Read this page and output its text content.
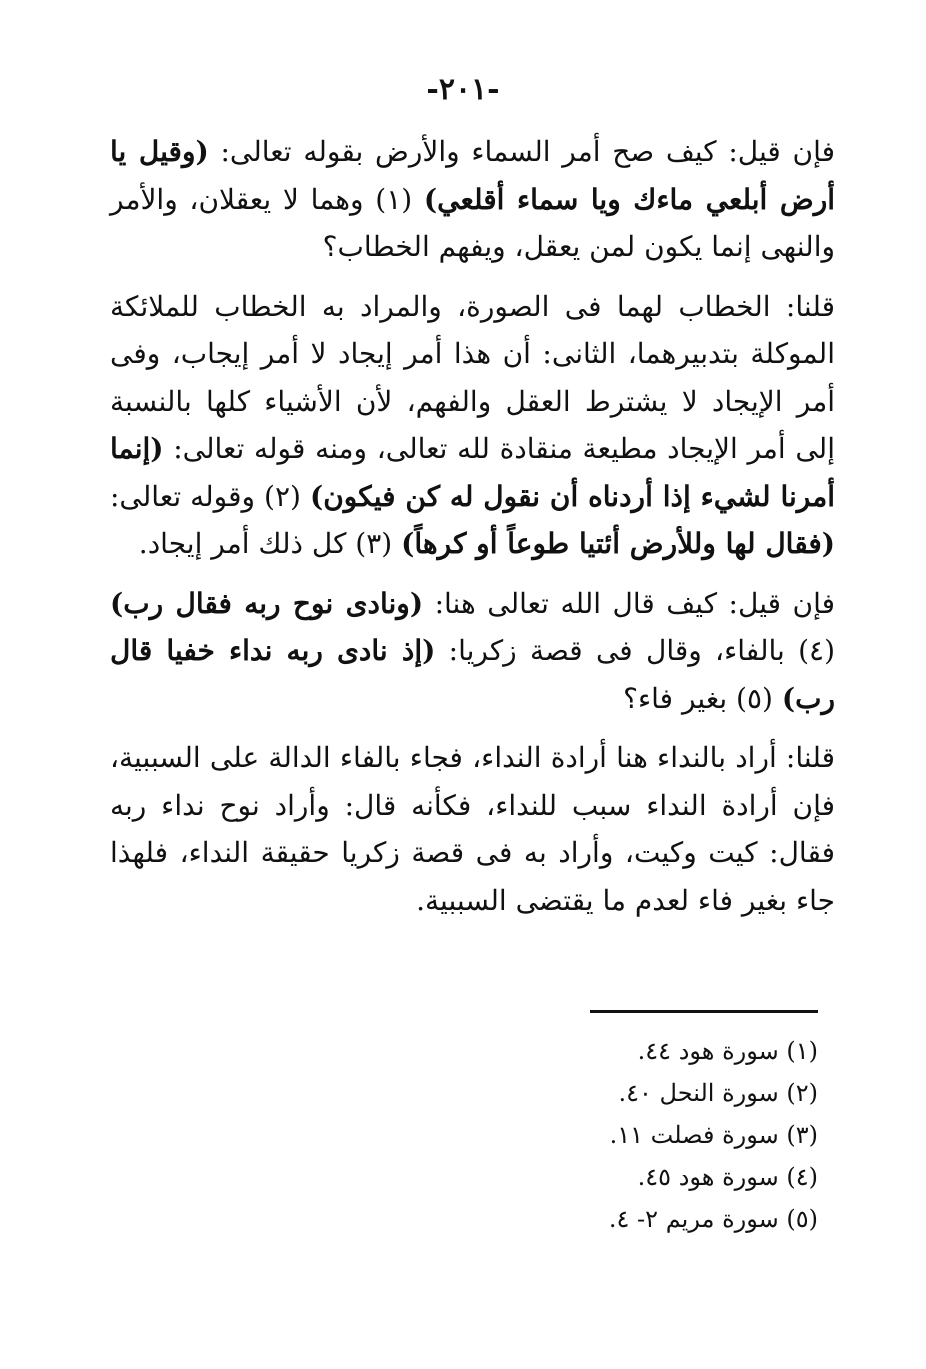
-٢٠١-

فإن قيل: كيف صح أمر السماء والأرض بقوله تعالى: (وقيل يا أرض أبلعي ماءك ويا سماء أقلعي) (١) وهما لا يعقلان، والأمر والنهى إنما يكون لمن يعقل، ويفهم الخطاب؟

قلنا: الخطاب لهما فى الصورة، والمراد به الخطاب للملائكة الموكلة بتدبيرهما، الثانى: أن هذا أمر إيجاد لا أمر إيجاب، وفى أمر الإيجاد لا يشترط العقل والفهم، لأن الأشياء كلها بالنسبة إلى أمر الإيجاد مطيعة منقادة لله تعالى، ومنه قوله تعالى: (إنما أمرنا لشيء إذا أردناه أن نقول له كن فيكون) (٢) وقوله تعالى: (فقال لها وللأرض أئتيا طوعاً أو كرهاً) (٣) كل ذلك أمر إيجاد.

فإن قيل: كيف قال الله تعالى هنا: (ونادى نوح ربه فقال رب) (٤) بالفاء، وقال فى قصة زكريا: (إذ نادى ربه نداء خفيا قال رب) (٥) بغير فاء؟

قلنا: أراد بالنداء هنا أرادة النداء، فجاء بالفاء الدالة على السببية، فإن أرادة النداء سبب للنداء، فكأنه قال: وأراد نوح نداء ربه فقال: كيت وكيت، وأراد به فى قصة زكريا حقيقة النداء، فلهذا جاء بغير فاء لعدم ما يقتضى السببية.

(١) سورة هود ٤٤.
(٢) سورة النحل ٤٠.
(٣) سورة فصلت ١١.
(٤) سورة هود ٤٥.
(٥) سورة مريم ٢- ٤.
